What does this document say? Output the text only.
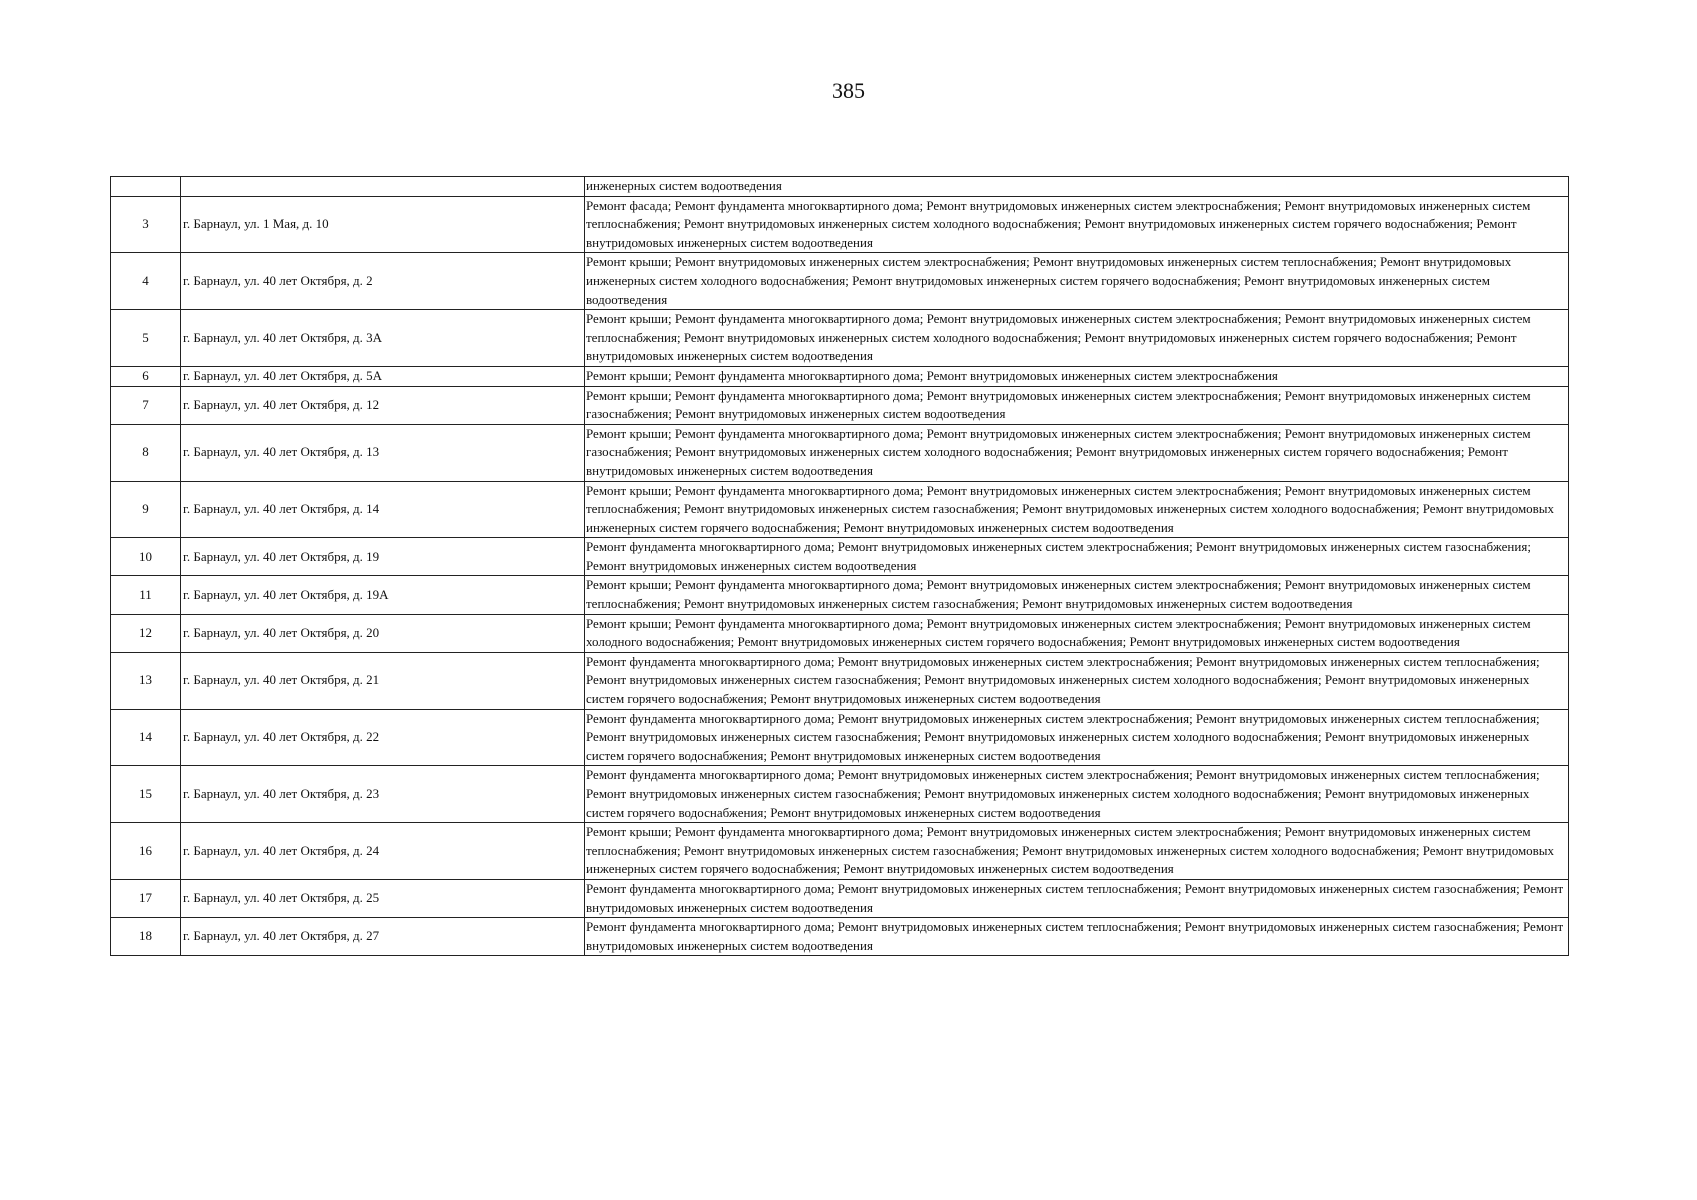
385
		инженерных систем водоотведения
3	г. Барнаул, ул. 1 Мая, д. 10	Ремонт фасада; Ремонт фундамента многоквартирного дома; Ремонт внутридомовых инженерных систем электроснабжения; Ремонт внутридомовых инженерных систем теплоснабжения; Ремонт внутридомовых инженерных систем холодного водоснабжения; Ремонт внутридомовых инженерных систем горячего водоснабжения; Ремонт внутридомовых инженерных систем водоотведения
4	г. Барнаул, ул. 40 лет Октября, д. 2	Ремонт крыши; Ремонт внутридомовых инженерных систем электроснабжения; Ремонт внутридомовых инженерных систем теплоснабжения; Ремонт внутридомовых инженерных систем холодного водоснабжения; Ремонт внутридомовых инженерных систем горячего водоснабжения; Ремонт внутридомовых инженерных систем водоотведения
5	г. Барнаул, ул. 40 лет Октября, д. 3А	Ремонт крыши; Ремонт фундамента многоквартирного дома; Ремонт внутридомовых инженерных систем электроснабжения; Ремонт внутридомовых инженерных систем теплоснабжения; Ремонт внутридомовых инженерных систем холодного водоснабжения; Ремонт внутридомовых инженерных систем горячего водоснабжения; Ремонт внутридомовых инженерных систем водоотведения
6	г. Барнаул, ул. 40 лет Октября, д. 5А	Ремонт крыши; Ремонт фундамента многоквартирного дома; Ремонт внутридомовых инженерных систем электроснабжения
7	г. Барнаул, ул. 40 лет Октября, д. 12	Ремонт крыши; Ремонт фундамента многоквартирного дома; Ремонт внутридомовых инженерных систем электроснабжения; Ремонт внутридомовых инженерных систем газоснабжения; Ремонт внутридомовых инженерных систем водоотведения
8	г. Барнаул, ул. 40 лет Октября, д. 13	Ремонт крыши; Ремонт фундамента многоквартирного дома; Ремонт внутридомовых инженерных систем электроснабжения; Ремонт внутридомовых инженерных систем газоснабжения; Ремонт внутридомовых инженерных систем холодного водоснабжения; Ремонт внутридомовых инженерных систем горячего водоснабжения; Ремонт внутридомовых инженерных систем водоотведения
9	г. Барнаул, ул. 40 лет Октября, д. 14	Ремонт крыши; Ремонт фундамента многоквартирного дома; Ремонт внутридомовых инженерных систем электроснабжения; Ремонт внутридомовых инженерных систем теплоснабжения; Ремонт внутридомовых инженерных систем газоснабжения; Ремонт внутридомовых инженерных систем холодного водоснабжения; Ремонт внутридомовых инженерных систем горячего водоснабжения; Ремонт внутридомовых инженерных систем водоотведения
10	г. Барнаул, ул. 40 лет Октября, д. 19	Ремонт фундамента многоквартирного дома; Ремонт внутридомовых инженерных систем электроснабжения; Ремонт внутридомовых инженерных систем газоснабжения; Ремонт внутридомовых инженерных систем водоотведения
11	г. Барнаул, ул. 40 лет Октября, д. 19А	Ремонт крыши; Ремонт фундамента многоквартирного дома; Ремонт внутридомовых инженерных систем электроснабжения; Ремонт внутридомовых инженерных систем теплоснабжения; Ремонт внутридомовых инженерных систем газоснабжения; Ремонт внутридомовых инженерных систем водоотведения
12	г. Барнаул, ул. 40 лет Октября, д. 20	Ремонт крыши; Ремонт фундамента многоквартирного дома; Ремонт внутридомовых инженерных систем электроснабжения; Ремонт внутридомовых инженерных систем холодного водоснабжения; Ремонт внутридомовых инженерных систем горячего водоснабжения; Ремонт внутридомовых инженерных систем водоотведения
13	г. Барнаул, ул. 40 лет Октября, д. 21	Ремонт фундамента многоквартирного дома; Ремонт внутридомовых инженерных систем электроснабжения; Ремонт внутридомовых инженерных систем теплоснабжения; Ремонт внутридомовых инженерных систем газоснабжения; Ремонт внутридомовых инженерных систем холодного водоснабжения; Ремонт внутридомовых инженерных систем горячего водоснабжения; Ремонт внутридомовых инженерных систем водоотведения
14	г. Барнаул, ул. 40 лет Октября, д. 22	Ремонт фундамента многоквартирного дома; Ремонт внутридомовых инженерных систем электроснабжения; Ремонт внутридомовых инженерных систем теплоснабжения; Ремонт внутридомовых инженерных систем газоснабжения; Ремонт внутридомовых инженерных систем холодного водоснабжения; Ремонт внутридомовых инженерных систем горячего водоснабжения; Ремонт внутридомовых инженерных систем водоотведения
15	г. Барнаул, ул. 40 лет Октября, д. 23	Ремонт фундамента многоквартирного дома; Ремонт внутридомовых инженерных систем электроснабжения; Ремонт внутридомовых инженерных систем теплоснабжения; Ремонт внутридомовых инженерных систем газоснабжения; Ремонт внутридомовых инженерных систем холодного водоснабжения; Ремонт внутридомовых инженерных систем горячего водоснабжения; Ремонт внутридомовых инженерных систем водоотведения
16	г. Барнаул, ул. 40 лет Октября, д. 24	Ремонт крыши; Ремонт фундамента многоквартирного дома; Ремонт внутридомовых инженерных систем электроснабжения; Ремонт внутридомовых инженерных систем теплоснабжения; Ремонт внутридомовых инженерных систем газоснабжения; Ремонт внутридомовых инженерных систем холодного водоснабжения; Ремонт внутридомовых инженерных систем горячего водоснабжения; Ремонт внутридомовых инженерных систем водоотведения
17	г. Барнаул, ул. 40 лет Октября, д. 25	Ремонт фундамента многоквартирного дома; Ремонт внутридомовых инженерных систем теплоснабжения; Ремонт внутридомовых инженерных систем газоснабжения; Ремонт внутридомовых инженерных систем водоотведения
18	г. Барнаул, ул. 40 лет Октября, д. 27	Ремонт фундамента многоквартирного дома; Ремонт внутридомовых инженерных систем теплоснабжения; Ремонт внутридомовых инженерных систем газоснабжения; Ремонт внутридомовых инженерных систем водоотведения
